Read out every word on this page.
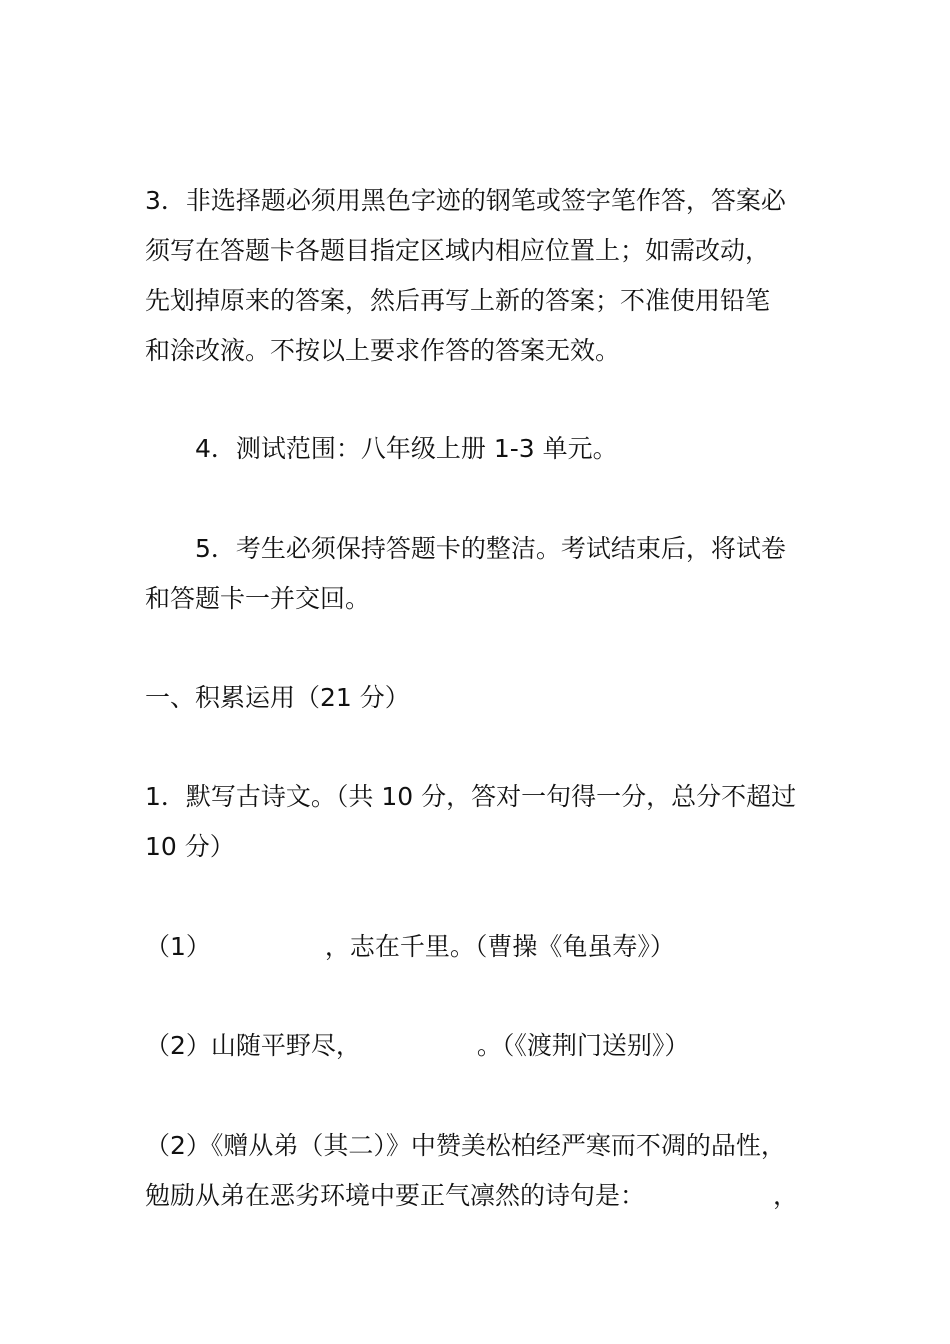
3．非选择题必须用黑色字迹的钢笔或签字笔作答，答案必
须写在答题卡各题目指定区域内相应位置上；如需改动，
先划掉原来的答案，然后再写上新的答案；不准使用铅笔
和涂改液。不按以上要求作答的答案无效。
4．测试范围：八年级上册 1-3 单元。
5．考生必须保持答题卡的整洁。考试结束后，将试卷
和答题卡一并交回。
一、积累运用（21 分）
1．默写古诗文。（共 10 分，答对一句得一分，总分不超过
10 分）
（1）	，志在千里。（曹操《龟虽寿》）
（2）山随平野尽，	。（《渡荆门送别》）
（2）《赠从弟（其二）》中赞美松柏经严寒而不凋的品性，
勉励从弟在恶劣环境中要正气凛然的诗句是：	，
